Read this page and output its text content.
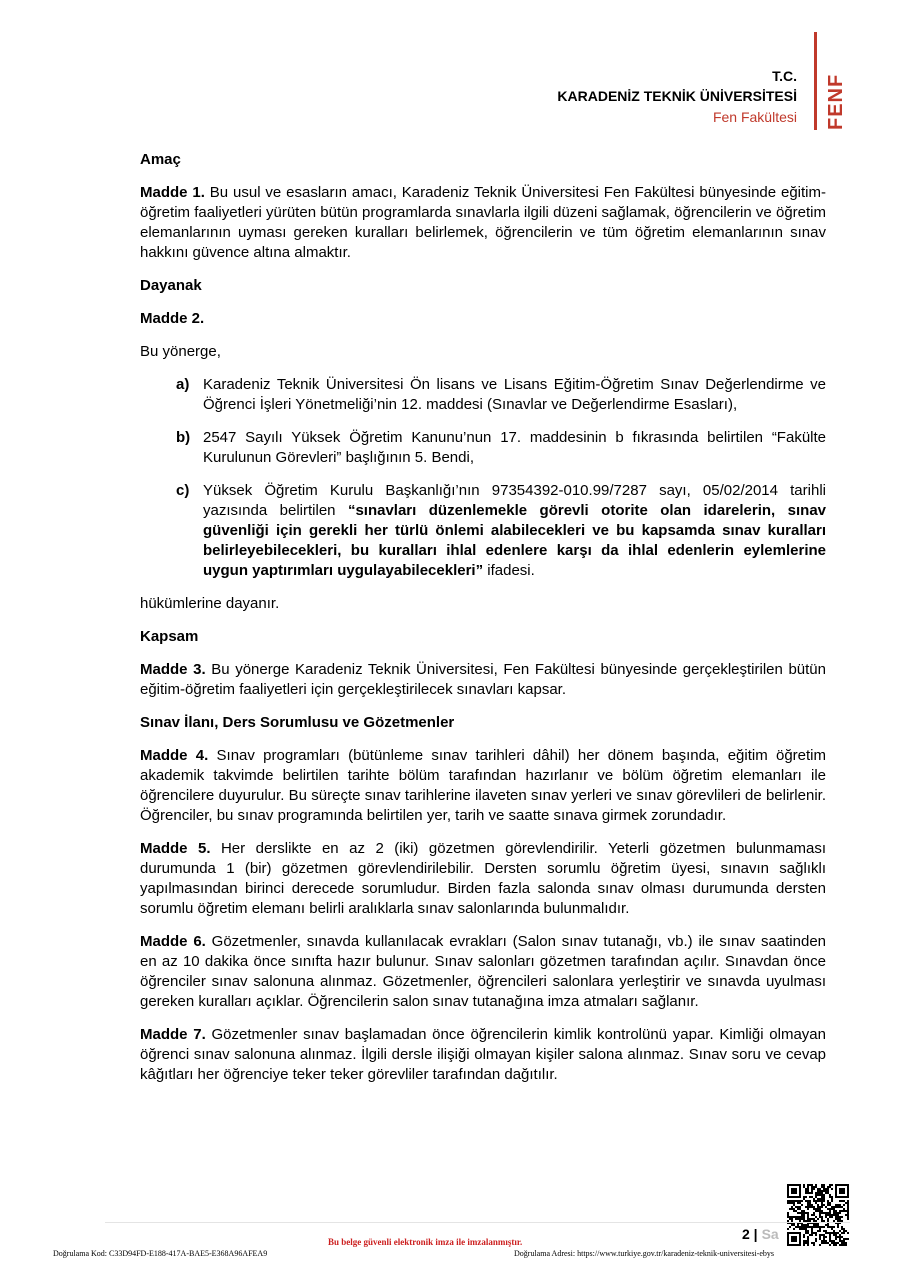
T.C.
KARADENİZ TEKNİK ÜNİVERSİTESİ
Fen Fakültesi FENF
Amaç
Madde 1. Bu usul ve esasların amacı, Karadeniz Teknik Üniversitesi Fen Fakültesi bünyesinde eğitim-öğretim faaliyetleri yürüten bütün programlarda sınavlarla ilgili düzeni sağlamak, öğrencilerin ve öğretim elemanlarının uyması gereken kuralları belirlemek, öğrencilerin ve tüm öğretim elemanlarının sınav hakkını güvence altına almaktır.
Dayanak
Madde 2.
Bu yönerge,
a) Karadeniz Teknik Üniversitesi Ön lisans ve Lisans Eğitim-Öğretim Sınav Değerlendirme ve Öğrenci İşleri Yönetmeliği’nin 12. maddesi (Sınavlar ve Değerlendirme Esasları),
b) 2547 Sayılı Yüksek Öğretim Kanunu’nun 17. maddesinin b fıkrasında belirtilen “Fakülte Kurulunun Görevleri” başlığının 5. Bendi,
c) Yüksek Öğretim Kurulu Başkanlığı’nın 97354392-010.99/7287 sayı, 05/02/2014 tarihli yazısında belirtilen “sınavları düzenlemekle görevli otorite olan idarelerin, sınav güvenliği için gerekli her türlü önlemi alabilecekleri ve bu kapsamda sınav kuralları belirleyebilecekleri, bu kuralları ihlal edenlere karşı da ihlal edenlerin eylemlerine uygun yaptırımları uygulayabilecekleri” ifadesi.
hükümlerine dayanır.
Kapsam
Madde 3. Bu yönerge Karadeniz Teknik Üniversitesi, Fen Fakültesi bünyesinde gerçekleştirilen bütün eğitim-öğretim faaliyetleri için gerçekleştirilecek sınavları kapsar.
Sınav İlanı, Ders Sorumlusu ve Gözetmenler
Madde 4. Sınav programları (bütünleme sınav tarihleri dâhil) her dönem başında, eğitim öğretim akademik takvimde belirtilen tarihte bölüm tarafından hazırlanır ve bölüm öğretim elemanları ile öğrencilere duyurulur. Bu süreçte sınav tarihlerine ilaveten sınav yerleri ve sınav görevlileri de belirlenir. Öğrenciler, bu sınav programında belirtilen yer, tarih ve saatte sınava girmek zorundadır.
Madde 5. Her derslikte en az 2 (iki) gözetmen görevlendirilir. Yeterli gözetmen bulunmaması durumunda 1 (bir) gözetmen görevlendirilebilir. Dersten sorumlu öğretim üyesi, sınavın sağlıklı yapılmasından birinci derecede sorumludur. Birden fazla salonda sınav olması durumunda dersten sorumlu öğretim elemanı belirli aralıklarla sınav salonlarında bulunmalıdır.
Madde 6. Gözetmenler, sınavda kullanılacak evrakları (Salon sınav tutanağı, vb.) ile sınav saatinden en az 10 dakika önce sınıfta hazır bulunur. Sınav salonları gözetmen tarafından açılır. Sınavdan önce öğrenciler sınav salonuna alınmaz. Gözetmenler, öğrencileri salonlara yerleştirir ve sınavda uyulması gereken kuralları açıklar. Öğrencilerin salon sınav tutanağına imza atmaları sağlanır.
Madde 7. Gözetmenler sınav başlamadan önce öğrencilerin kimlik kontrolünü yapar. Kimliği olmayan öğrenci sınav salonuna alınmaz. İlgili dersle ilişiği olmayan kişiler salona alınmaz. Sınav soru ve cevap kâğıtları her öğrenciye teker teker görevliler tarafından dağıtılır.
Bu belge güvenli elektronik imza ile imzalanmıştır.	2 | Sa
Doğrulama Kod: C33D94FD-E188-417A-BAE5-E368A96AFEA9	Doğrulama Adresi: https://www.turkiye.gov.tr/karadeniz-teknik-universitesi-ebys
